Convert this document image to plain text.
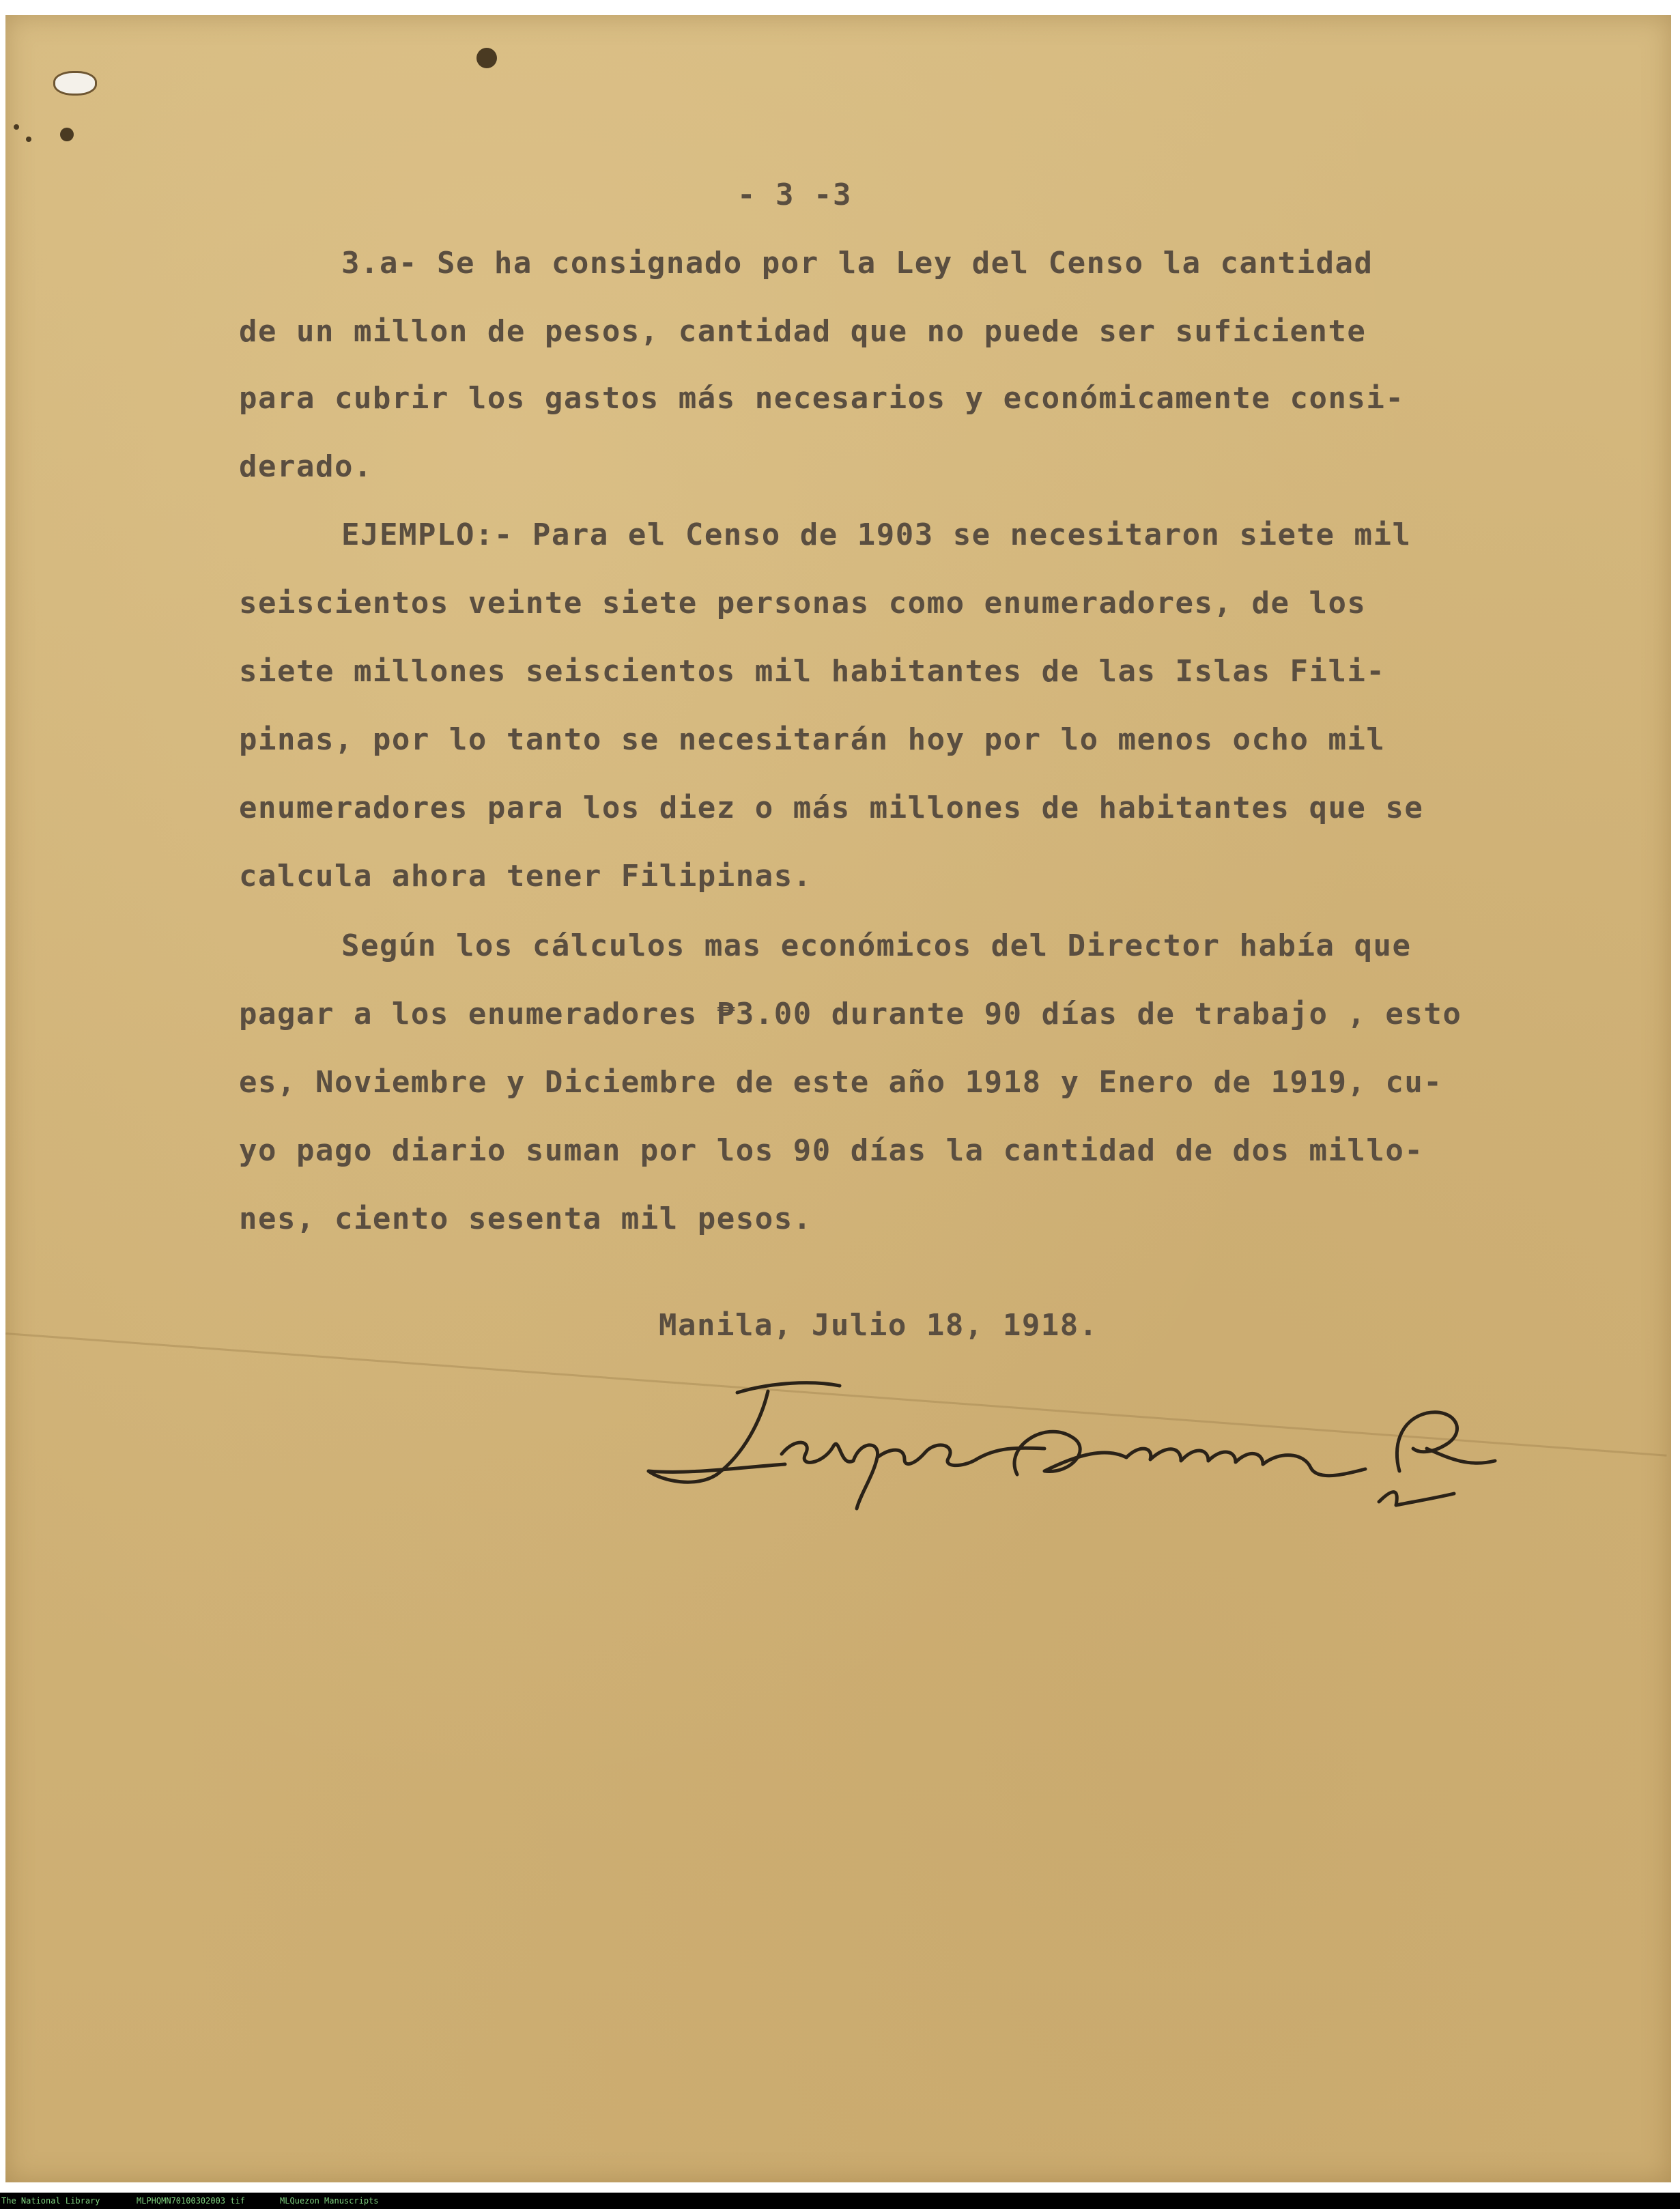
- 3 -3
3.a- Se ha consignado por la Ley del Censo la cantidad
de un millon de pesos, cantidad que no puede ser suficiente
para cubrir los gastos más necesarios y económicamente consi-
derado.
EJEMPLO:- Para el Censo de 1903 se necesitaron siete mil
seiscientos veinte siete personas como enumeradores, de los
siete millones seiscientos mil habitantes de las Islas Fili-
pinas, por lo tanto se necesitarán hoy por lo menos ocho mil
enumeradores para los diez o más millones de habitantes que se
calcula ahora tener Filipinas.
Según los cálculos mas económicos del Director había que
pagar a los enumeradores ₱3.00 durante 90 días de trabajo , esto
es, Noviembre y Diciembre de este año 1918 y Enero de 1919, cu-
yo pago diario suman por los 90 días la cantidad de dos millo-
nes, ciento sesenta mil pesos.
Manila, Julio 18, 1918.

The National Library

	MLPHQMN70100302003 tif

	MLQuezon Manuscripts
